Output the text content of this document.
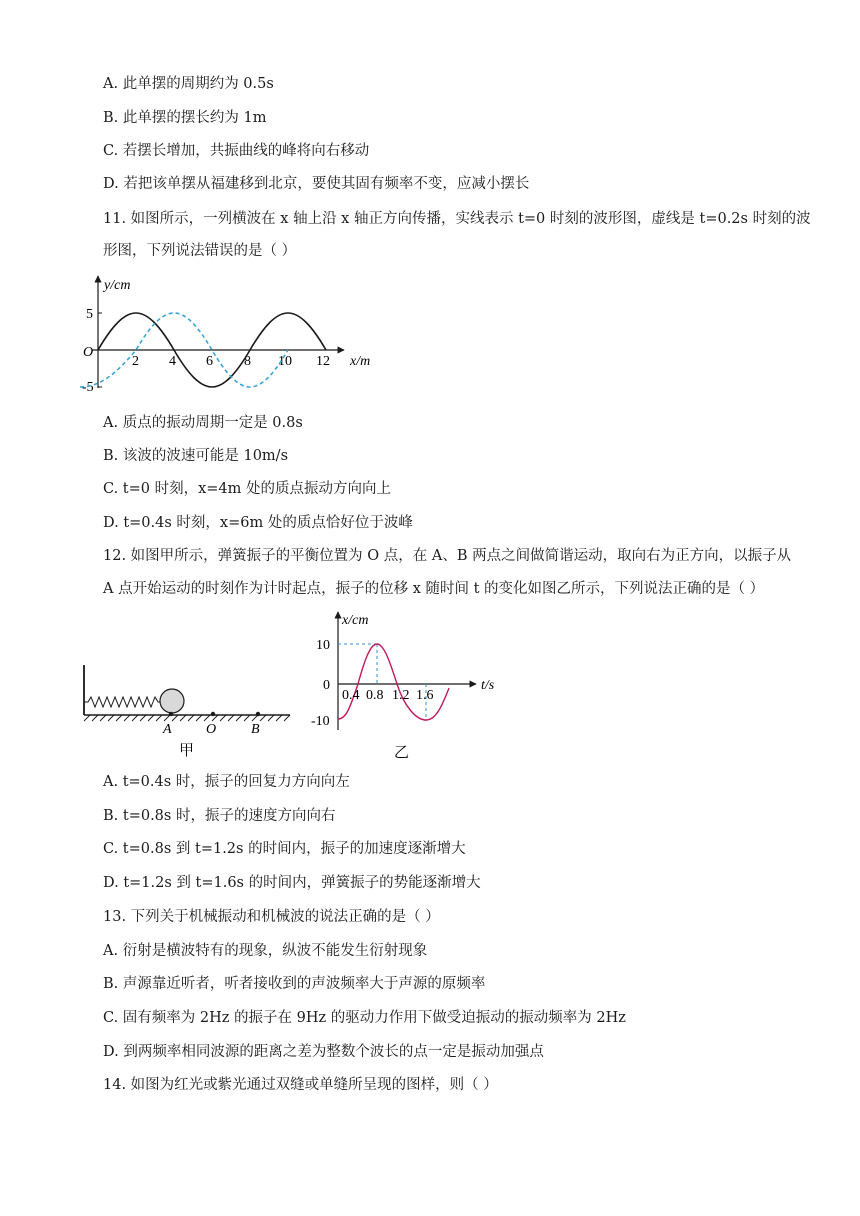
A. 此单摆的周期约为 0.5s
B. 此单摆的摆长约为 1m
C. 若摆长增加，共振曲线的峰将向右移动
D. 若把该单摆从福建移到北京，要使其固有频率不变，应减小摆长
11. 如图所示，一列横波在 x 轴上沿 x 轴正方向传播，实线表示 t=0 时刻的波形图，虚线是 t=0.2s 时刻的波
形图，下列说法错误的是（ ）
y/cm
x/m
O
5
-5
2 4 6 8 10 12
A. 质点的振动周期一定是 0.8s
B. 该波的波速可能是 10m/s
C. t=0 时刻，x=4m 处的质点振动方向向上
D. t=0.4s 时刻，x=6m 处的质点恰好位于波峰
12. 如图甲所示，弹簧振子的平衡位置为 O 点，在 A、B 两点之间做简谐运动，取向右为正方向，以振子从
A 点开始运动的时刻作为计时起点，振子的位移 x 随时间 t 的变化如图乙所示，下列说法正确的是（ ）
A O B
甲
x/cm
t/s
0
10
-10
0.4 0.8 1.2 1.6
乙
A. t=0.4s 时，振子的回复力方向向左
B. t=0.8s 时，振子的速度方向向右
C. t=0.8s 到 t=1.2s 的时间内，振子的加速度逐渐增大
D. t=1.2s 到 t=1.6s 的时间内，弹簧振子的势能逐渐增大
13. 下列关于机械振动和机械波的说法正确的是（ ）
A. 衍射是横波特有的现象，纵波不能发生衍射现象
B. 声源靠近听者，听者接收到的声波频率大于声源的原频率
C. 固有频率为 2Hz 的振子在 9Hz 的驱动力作用下做受迫振动的振动频率为 2Hz
D. 到两频率相同波源的距离之差为整数个波长的点一定是振动加强点
14. 如图为红光或紫光通过双缝或单缝所呈现的图样，则（ ）
